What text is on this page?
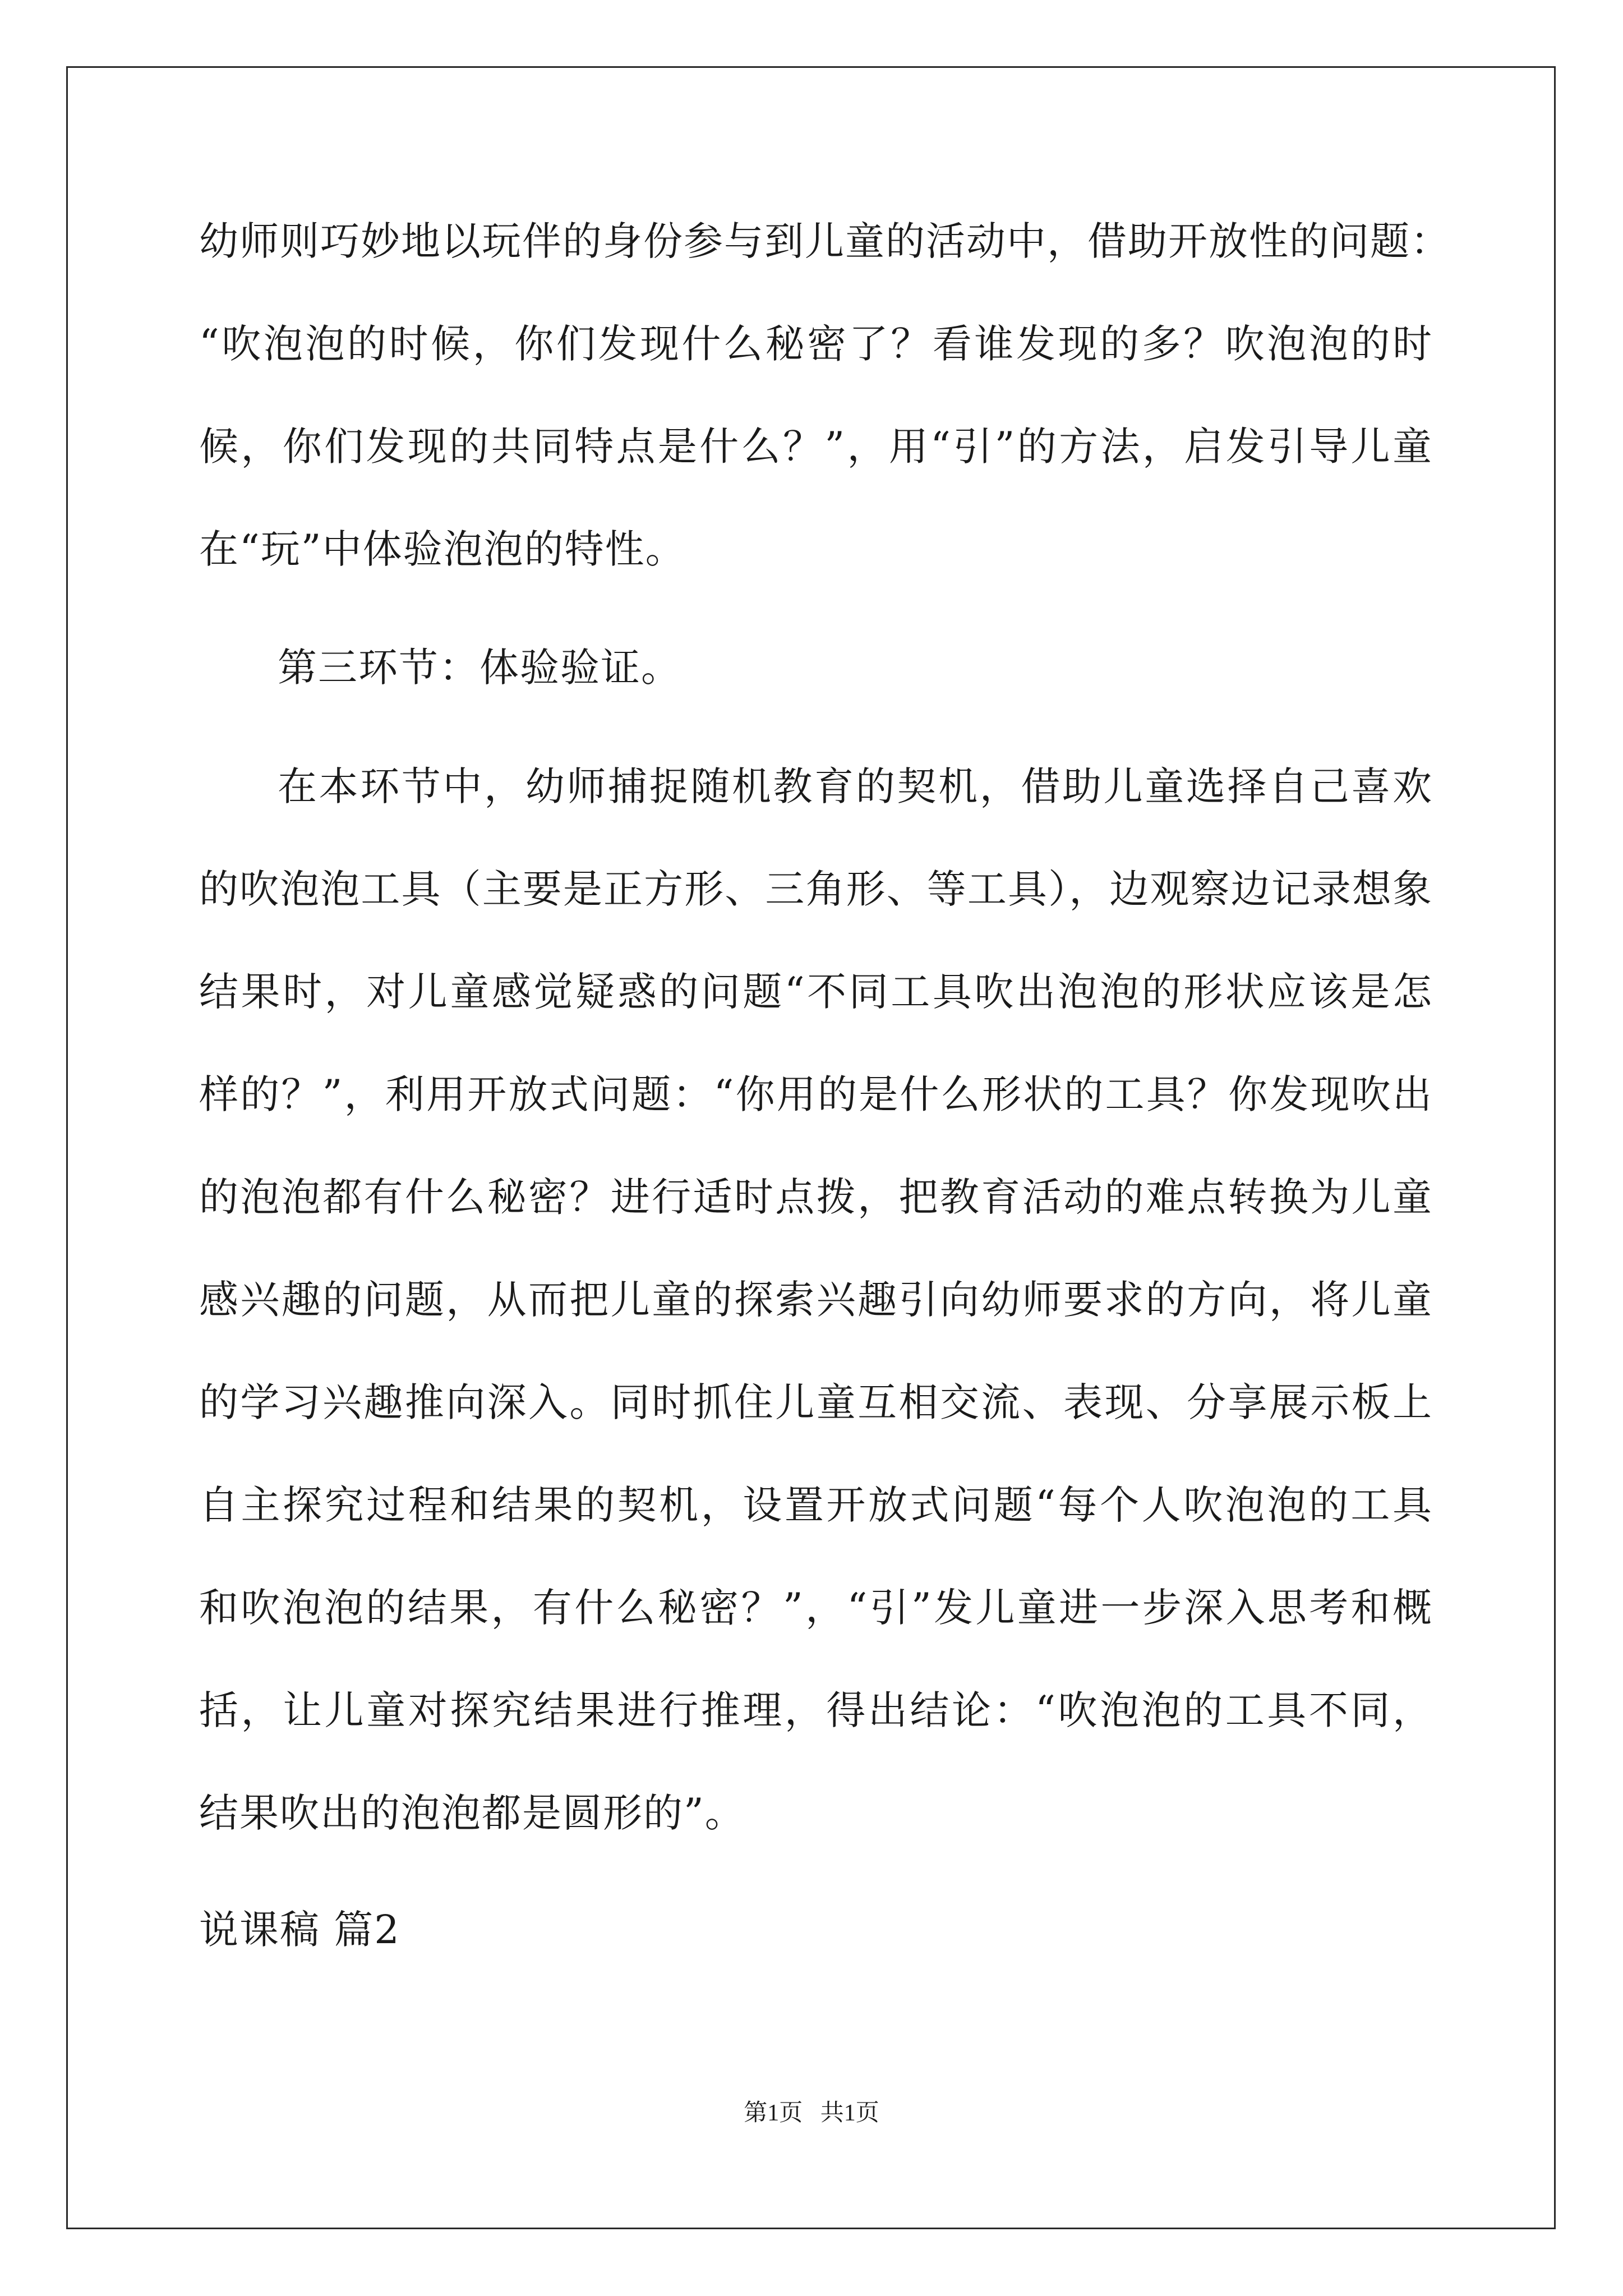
幼师则巧妙地以玩伴的身份参与到儿童的活动中，借助开放性的问题：
“吹泡泡的时候，你们发现什么秘密了？看谁发现的多？吹泡泡的时
候，你们发现的共同特点是什么？”，用“引”的方法，启发引导儿童
在“玩”中体验泡泡的特性。
第三环节：体验验证。
在本环节中，幼师捕捉随机教育的契机，借助儿童选择自己喜欢
的吹泡泡工具（主要是正方形、三角形、等工具），边观察边记录想象
结果时，对儿童感觉疑惑的问题“不同工具吹出泡泡的形状应该是怎
样的？”，利用开放式问题：“你用的是什么形状的工具？你发现吹出
的泡泡都有什么秘密？进行适时点拨，把教育活动的难点转换为儿童
感兴趣的问题，从而把儿童的探索兴趣引向幼师要求的方向，将儿童
的学习兴趣推向深入。同时抓住儿童互相交流、表现、分享展示板上
自主探究过程和结果的契机，设置开放式问题“每个人吹泡泡的工具
和吹泡泡的结果，有什么秘密？”，“引”发儿童进一步深入思考和概
括，让儿童对探究结果进行推理，得出结论：“吹泡泡的工具不同，
结果吹出的泡泡都是圆形的”。
说课稿 篇2
第1页 共1页
